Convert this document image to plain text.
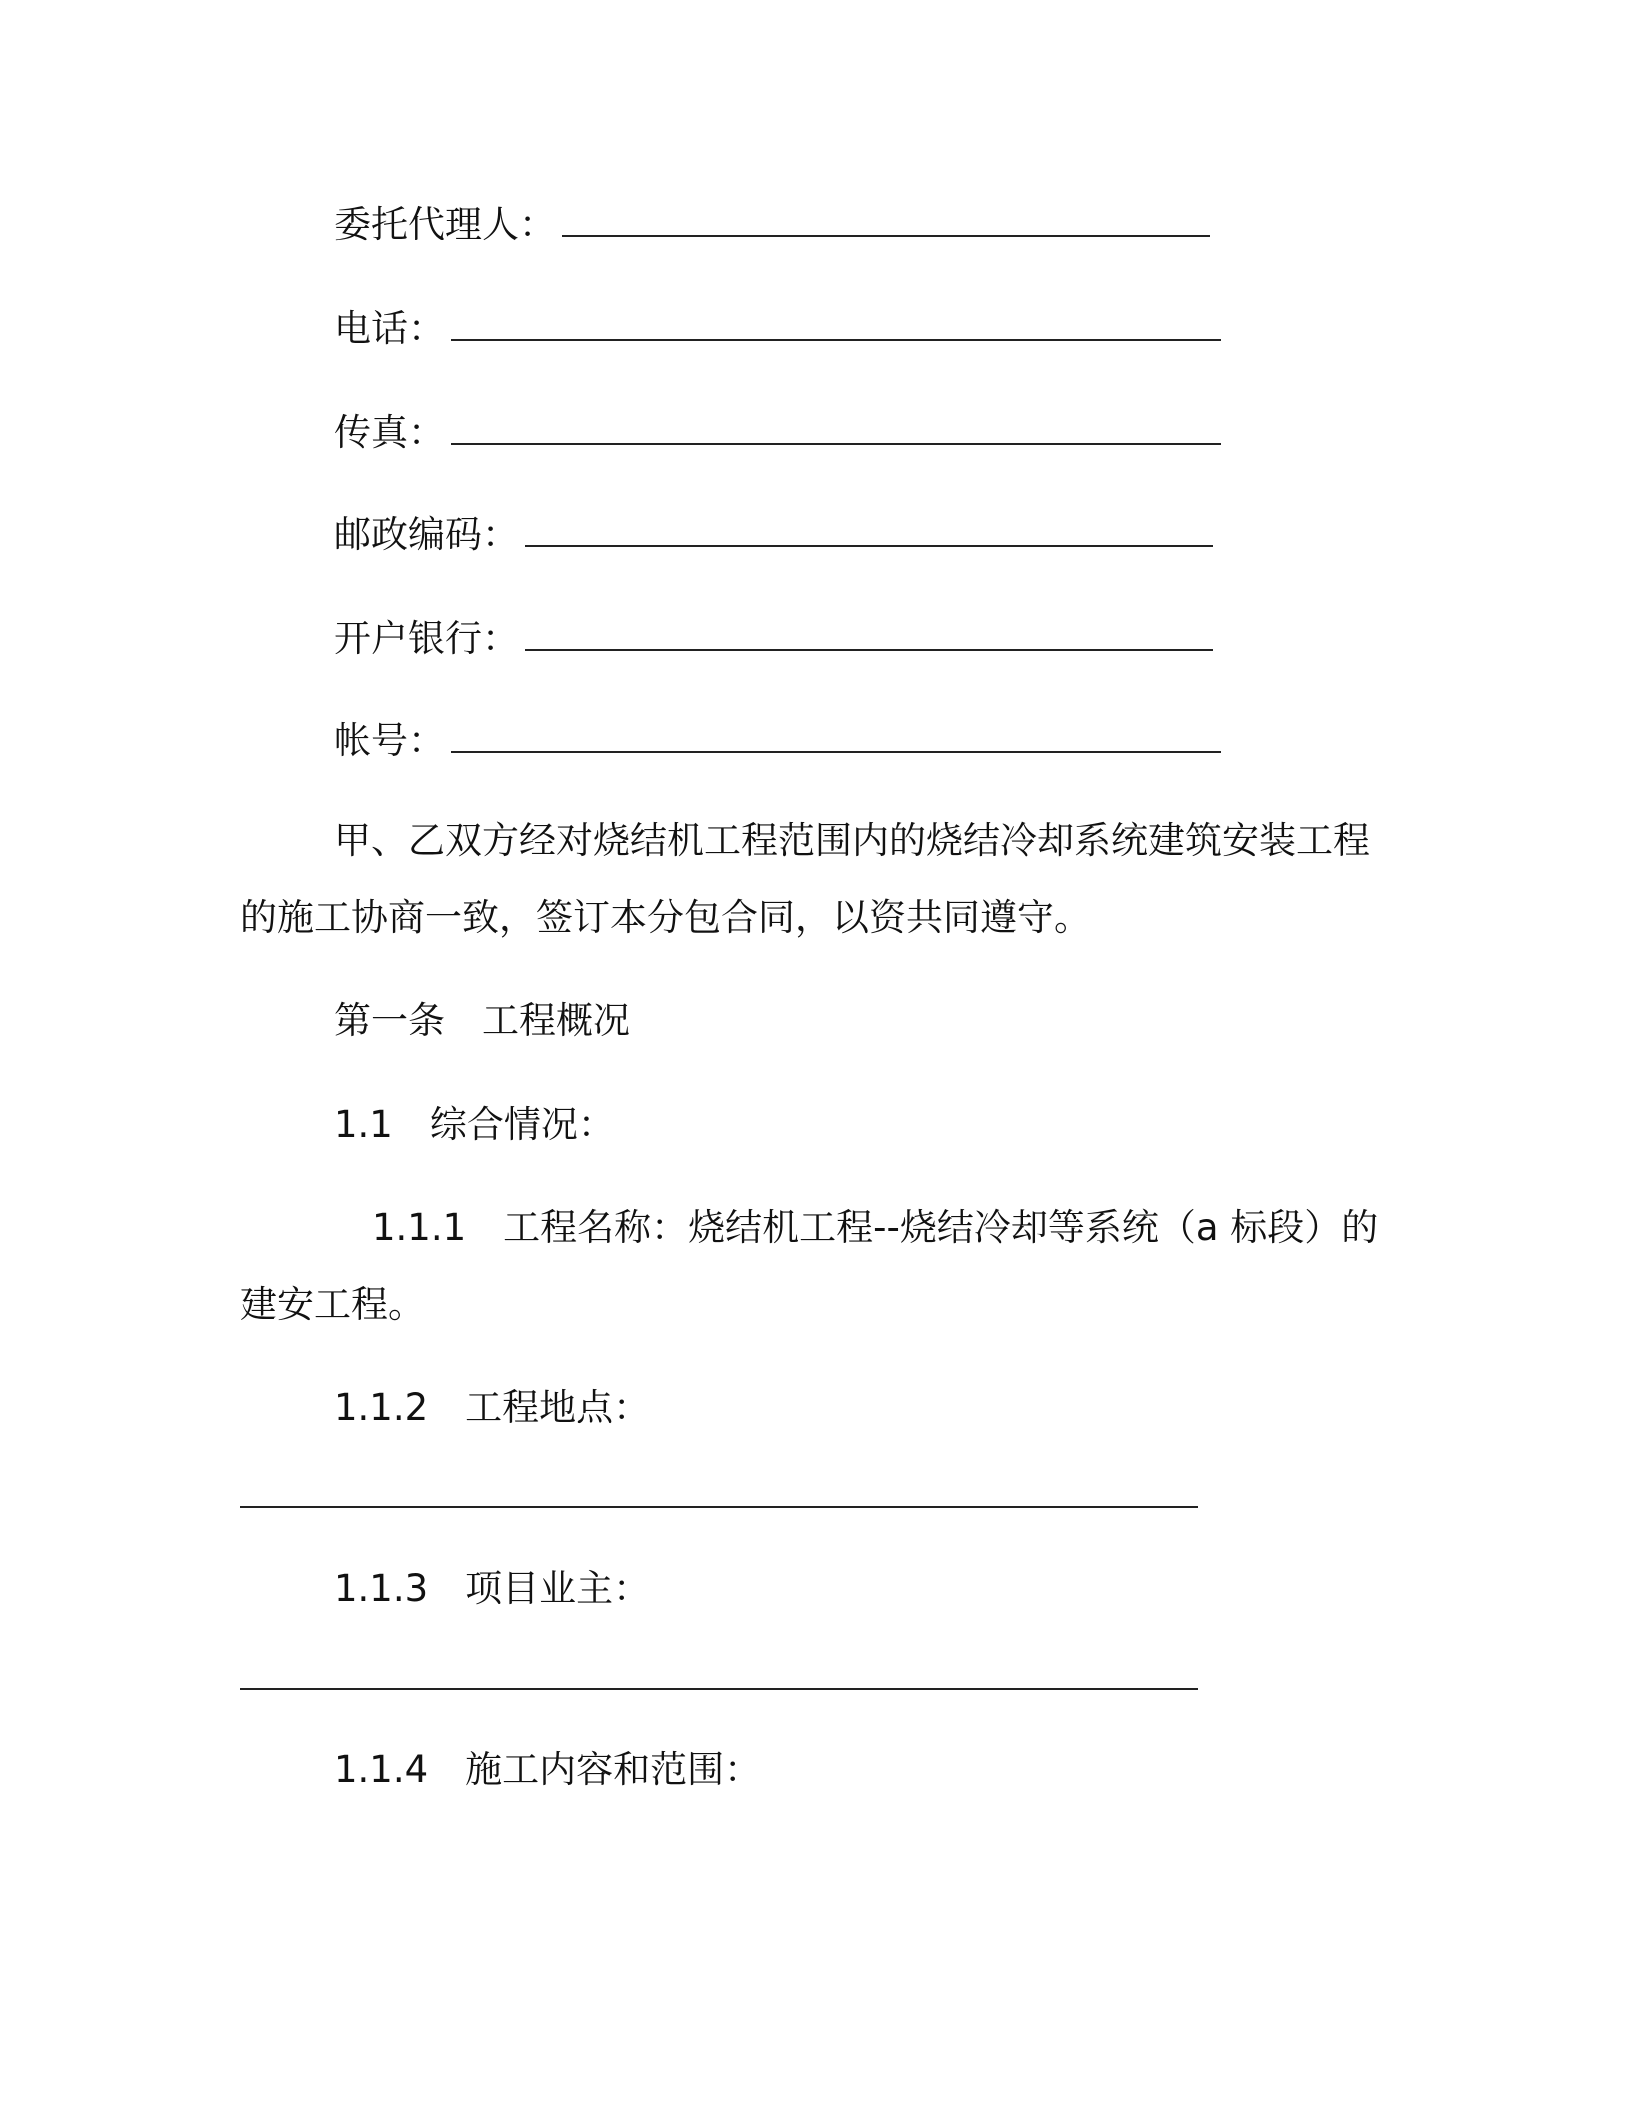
委托代理人：
电话：
传真：
邮政编码：
开户银行：
帐号：
甲、乙双方经对烧结机工程范围内的烧结冷却系统建筑安装工程
的施工协商一致，签订本分包合同，以资共同遵守。
第一条　工程概况
1.1　综合情况：
1.1.1　工程名称：烧结机工程--烧结冷却等系统（a 标段）的
建安工程。
1.1.2　工程地点：
1.1.3　项目业主：
1.1.4　施工内容和范围：
